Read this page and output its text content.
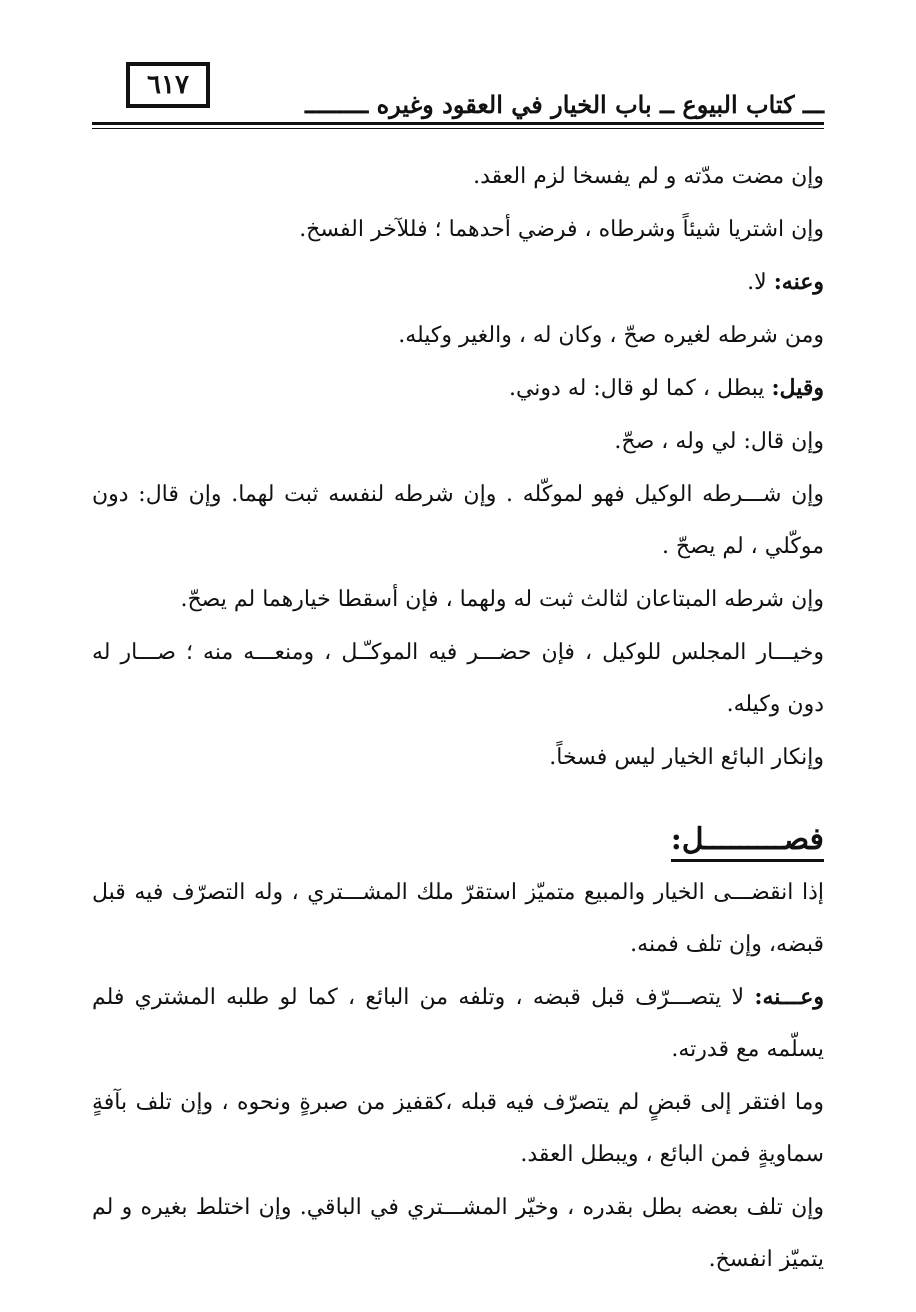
٦١٧
ـــ كتاب البيوع ــ باب الخيار في العقود وغيره ـــــــــ

وإن مضت مدّته و لم يفسخا لزم العقد.

وإن اشتريا شيئاً وشرطاه ، فرضي أحدهما ؛ فللآخر الفسخ.

وعنه: لا.

ومن شرطه لغيره صحّ ، وكان له ، والغير وكيله.

وقيل: يبطل ، كما لو قال: له دوني.

وإن قال: لي وله ، صحّ.

وإن شـــرطه الوكيل فهو لموكّله . وإن شرطه لنفسه ثبت لهما. وإن قال: دون موكّلي ، لم يصحّ .

وإن شرطه المبتاعان لثالث ثبت له ولهما ، فإن أسقطا خيارهما لم يصحّ.

وخيـــار المجلس للوكيل ، فإن حضـــر فيه الموكـّـل ، ومنعـــه منه ؛ صـــار له دون وكيله.

وإنكار البائع الخيار ليس فسخاً.

فصـــــــــل:

إذا انقضـــى الخيار والمبيع متميّز استقرّ ملك المشـــتري ، وله التصرّف فيه قبل قبضه، وإن تلف فمنه.

وعـــنه: لا يتصـــرّف قبل قبضه ، وتلفه من البائع ، كما لو طلبه المشتري فلم يسلّمه مع قدرته.

وما افتقر إلى قبضٍ لم يتصرّف فيه قبله ،كقفيز من صبرةٍ ونحوه ، وإن تلف بآفةٍ سماويةٍ فمن البائع ، ويبطل العقد.

وإن تلف بعضه بطل بقدره ، وخيّر المشـــتري في الباقي. وإن اختلط بغيره و لم يتميّز انفسخ.
